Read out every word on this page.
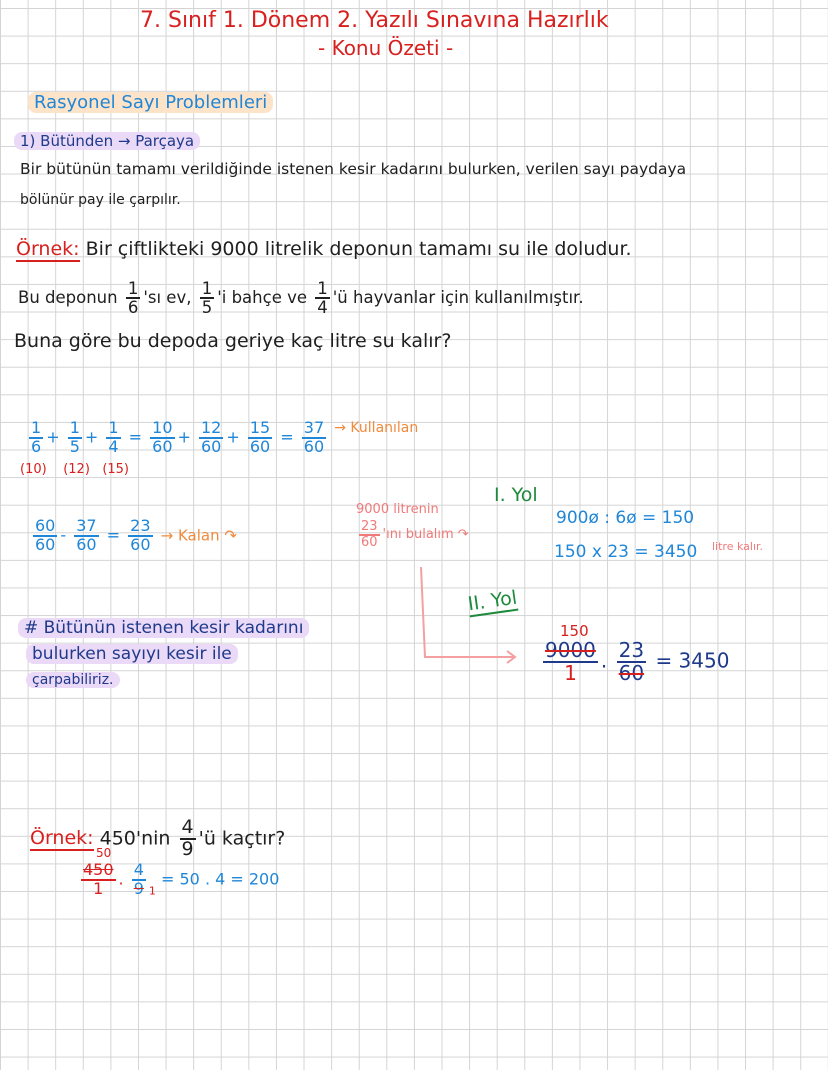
7. Sınıf 1. Dönem 2. Yazılı Sınavına Hazırlık
- Konu Özeti -
Rasyonel Sayı Problemleri
1) Bütünden → Parçaya
Bir bütünün tamamı verildiğinde istenen kesir kadarını bulurken, verilen sayı paydaya
bölünür pay ile çarpılır.
Örnek: Bir çiftlikteki 9000 litrelik deponun tamamı su ile doludur.
Bu deponun $\frac{1}{6}$ 'sı ev, $\frac{1}{5}$ 'i bahçe ve $\frac{1}{4}$ 'ü hayvanlar için kullanılmıştır.
Buna göre bu depoda geriye kaç litre su kalır?
$\frac{1}{6} + \frac{1}{5} + \frac{1}{4} = \frac{10}{60} + \frac{12}{60} + \frac{15}{60} = \frac{37}{60}$ → Kullanılan
(10) (12) (15)
$\frac{60}{60} - \frac{37}{60} = \frac{23}{60}$ → Kalan ↷
9000 litrenin
$\frac{23}{60}$ 'ını bulalım ↷
I. Yol
900ø : 6ø = 150
150 x 23 = 3450 litre kalır.
II. Yol
150
$\frac{9000}{1}$ . $\frac{23}{60} = 3450$
# Bütünün istenen kesir kadarını
bulurken sayıyı kesir ile
çarpabiliriz.
Örnek: $450'nin \frac{4}{9}$ 'ü kaçtır?
50
$\frac{450}{1}$ . $\frac{4}{9} 1 = 50$ . 4 = 200
